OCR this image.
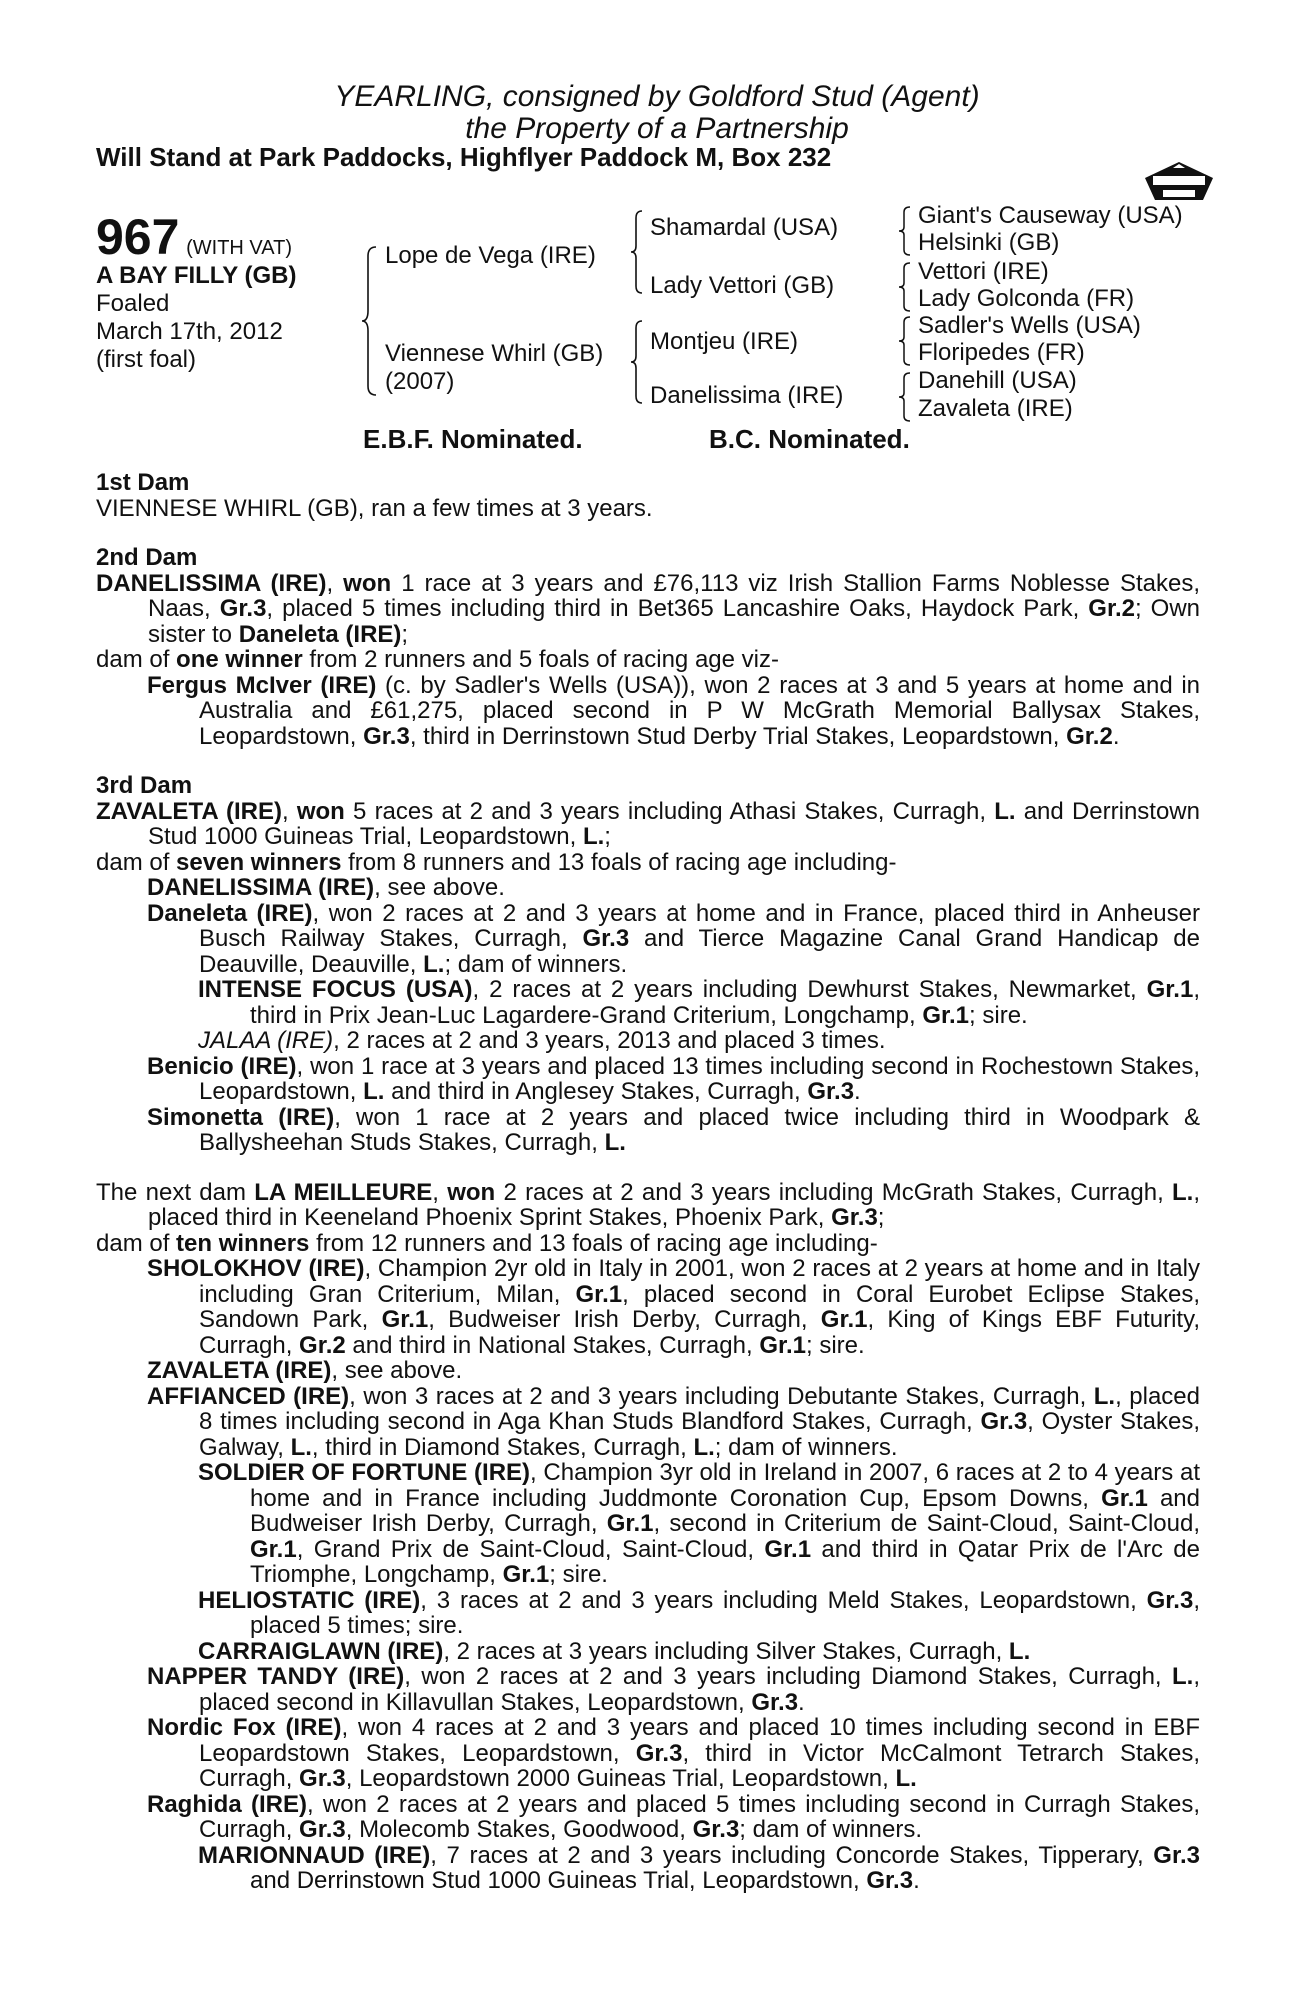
YEARLING, consigned by Goldford Stud (Agent)
the Property of a Partnership
Will Stand at Park Paddocks, Highflyer Paddock M, Box 232
967 (WITH VAT)
A BAY FILLY (GB)
Foaled
March 17th, 2012
(first foal)
Lope de Vega (IRE)
Viennese Whirl (GB)
(2007)
Shamardal (USA)
Lady Vettori (GB)
Montjeu (IRE)
Danelissima (IRE)
Giant's Causeway (USA)
Helsinki (GB)
Vettori (IRE)
Lady Golconda (FR)
Sadler's Wells (USA)
Floripedes (FR)
Danehill (USA)
Zavaleta (IRE)
E.B.F. Nominated.	B.C. Nominated.
1st Dam

VIENNESE WHIRL (GB), ran a few times at 3 years.

2nd Dam

DANELISSIMA (IRE), won 1 race at 3 years and £76,113 viz Irish Stallion Farms Noblesse Stakes, Naas, Gr.3, placed 5 times including third in Bet365 Lancashire Oaks, Haydock Park, Gr.2; Own sister to Daneleta (IRE);

dam of one winner from 2 runners and 5 foals of racing age viz-

Fergus McIver (IRE) (c. by Sadler's Wells (USA)), won 2 races at 3 and 5 years at home and in Australia and £61,275, placed second in P W McGrath Memorial Ballysax Stakes, Leopardstown, Gr.3, third in Derrinstown Stud Derby Trial Stakes, Leopardstown, Gr.2.

3rd Dam

ZAVALETA (IRE), won 5 races at 2 and 3 years including Athasi Stakes, Curragh, L. and Derrinstown Stud 1000 Guineas Trial, Leopardstown, L.;

dam of seven winners from 8 runners and 13 foals of racing age including-

DANELISSIMA (IRE), see above.

Daneleta (IRE), won 2 races at 2 and 3 years at home and in France, placed third in Anheuser Busch Railway Stakes, Curragh, Gr.3 and Tierce Magazine Canal Grand Handicap de Deauville, Deauville, L.; dam of winners.

INTENSE FOCUS (USA), 2 races at 2 years including Dewhurst Stakes, Newmarket, Gr.1, third in Prix Jean-Luc Lagardere-Grand Criterium, Longchamp, Gr.1; sire.

JALAA (IRE), 2 races at 2 and 3 years, 2013 and placed 3 times.

Benicio (IRE), won 1 race at 3 years and placed 13 times including second in Rochestown Stakes, Leopardstown, L. and third in Anglesey Stakes, Curragh, Gr.3.

Simonetta (IRE), won 1 race at 2 years and placed twice including third in Woodpark & Ballysheehan Studs Stakes, Curragh, L.

The next dam LA MEILLEURE, won 2 races at 2 and 3 years including McGrath Stakes, Curragh, L., placed third in Keeneland Phoenix Sprint Stakes, Phoenix Park, Gr.3;

dam of ten winners from 12 runners and 13 foals of racing age including-

SHOLOKHOV (IRE), Champion 2yr old in Italy in 2001, won 2 races at 2 years at home and in Italy including Gran Criterium, Milan, Gr.1, placed second in Coral Eurobet Eclipse Stakes, Sandown Park, Gr.1, Budweiser Irish Derby, Curragh, Gr.1, King of Kings EBF Futurity, Curragh, Gr.2 and third in National Stakes, Curragh, Gr.1; sire.

ZAVALETA (IRE), see above.

AFFIANCED (IRE), won 3 races at 2 and 3 years including Debutante Stakes, Curragh, L., placed 8 times including second in Aga Khan Studs Blandford Stakes, Curragh, Gr.3, Oyster Stakes, Galway, L., third in Diamond Stakes, Curragh, L.; dam of winners.

SOLDIER OF FORTUNE (IRE), Champion 3yr old in Ireland in 2007, 6 races at 2 to 4 years at home and in France including Juddmonte Coronation Cup, Epsom Downs, Gr.1 and Budweiser Irish Derby, Curragh, Gr.1, second in Criterium de Saint-Cloud, Saint-Cloud, Gr.1, Grand Prix de Saint-Cloud, Saint-Cloud, Gr.1 and third in Qatar Prix de l'Arc de Triomphe, Longchamp, Gr.1; sire.

HELIOSTATIC (IRE), 3 races at 2 and 3 years including Meld Stakes, Leopardstown, Gr.3, placed 5 times; sire.

CARRAIGLAWN (IRE), 2 races at 3 years including Silver Stakes, Curragh, L.

NAPPER TANDY (IRE), won 2 races at 2 and 3 years including Diamond Stakes, Curragh, L., placed second in Killavullan Stakes, Leopardstown, Gr.3.

Nordic Fox (IRE), won 4 races at 2 and 3 years and placed 10 times including second in EBF Leopardstown Stakes, Leopardstown, Gr.3, third in Victor McCalmont Tetrarch Stakes, Curragh, Gr.3, Leopardstown 2000 Guineas Trial, Leopardstown, L.

Raghida (IRE), won 2 races at 2 years and placed 5 times including second in Curragh Stakes, Curragh, Gr.3, Molecomb Stakes, Goodwood, Gr.3; dam of winners.

MARIONNAUD (IRE), 7 races at 2 and 3 years including Concorde Stakes, Tipperary, Gr.3 and Derrinstown Stud 1000 Guineas Trial, Leopardstown, Gr.3.
